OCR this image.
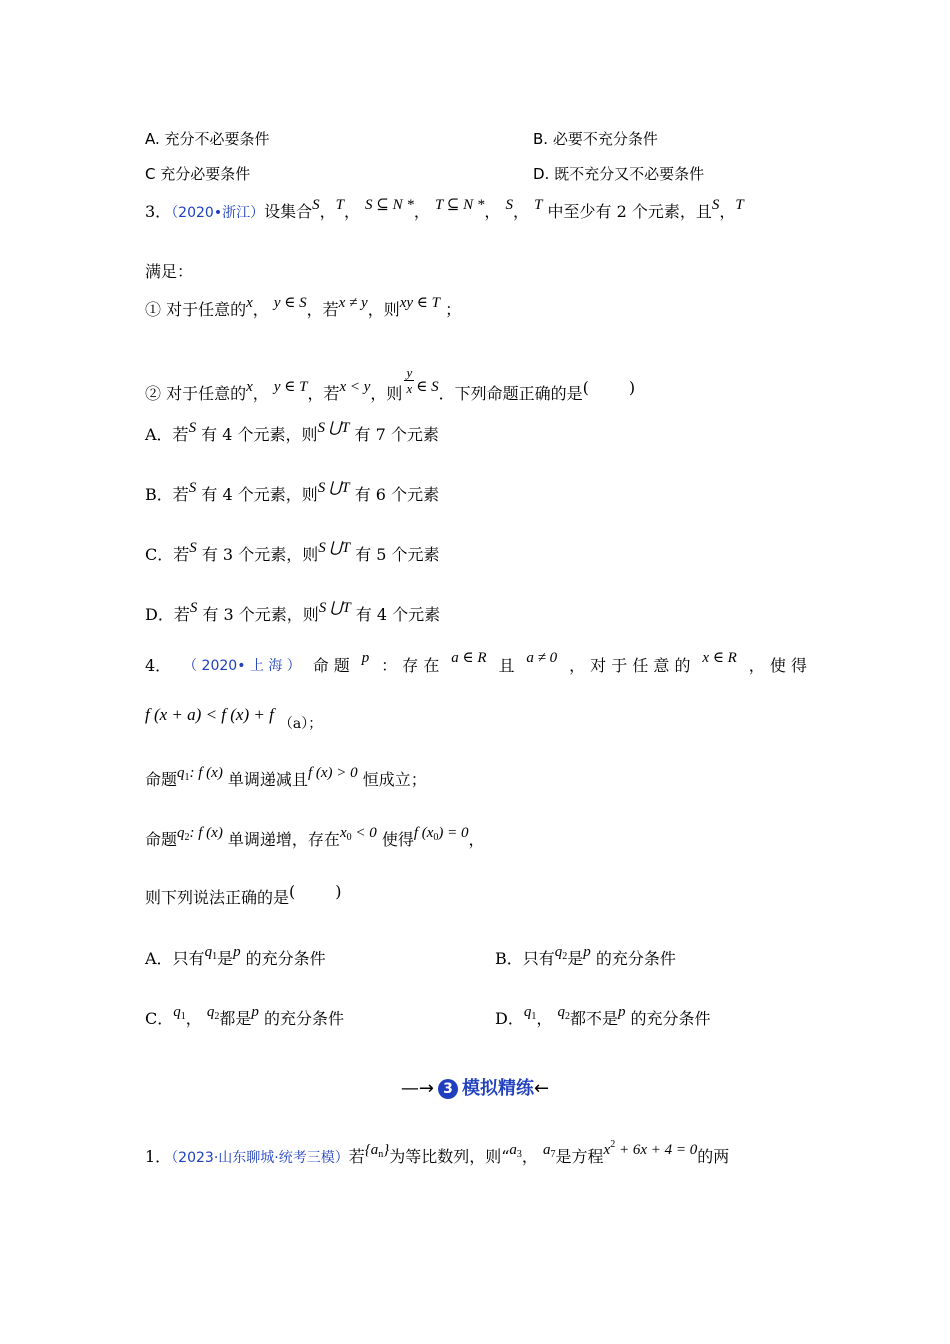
A. 充分不必要条件	B. 必要不充分条件
C 充分必要条件	D. 既不充分又不必要条件
3．（2020•浙江）设集合S，T， S ⊆ N *， T ⊆ N *， S， T 中至少有 2 个元素，且S，T
满足：
① 对于任意的x， y ∈ S，若x ≠ y，则xy ∈ T ；
② 对于任意的x， y ∈ T，若x < y，则 $\frac{y}{x}$ ∈ S．下列命题正确的是(	)
A．若S 有 4 个元素，则S ⋃T 有 7 个元素
B．若S 有 4 个元素，则S ⋃T 有 6 个元素
C．若S 有 3 个元素，则S ⋃T 有 5 个元素
D．若S 有 3 个元素，则S ⋃T 有 4 个元素
4． （ 2020• 上 海 ） 命 题 p ： 存 在 a ∈ R 且 a ≠ 0 ， 对 于 任 意 的 x ∈ R ， 使 得
f (x + a) < f (x) + f （a）；
命题$q_1$: f (x) 单调递减且f (x) > 0 恒成立；
命题$q_2$: f (x) 单调递增，存在$x_0 < 0$ 使得f $(x_0) = 0$，
则下列说法正确的是(	)
A．只有$q_1$是p 的充分条件	B．只有$q_2$是p 的充分条件
C．$q_1$， $q_2$都是p 的充分条件	D．$q_1$， $q_2$都不是p 的充分条件
—→ 3 模拟精练←
1．（2023·山东聊城·统考三模）若$\{a_n\}$为等比数列，则“$a_3$， $a_7$是方程$x^2 + 6x + 4 = 0$的两
